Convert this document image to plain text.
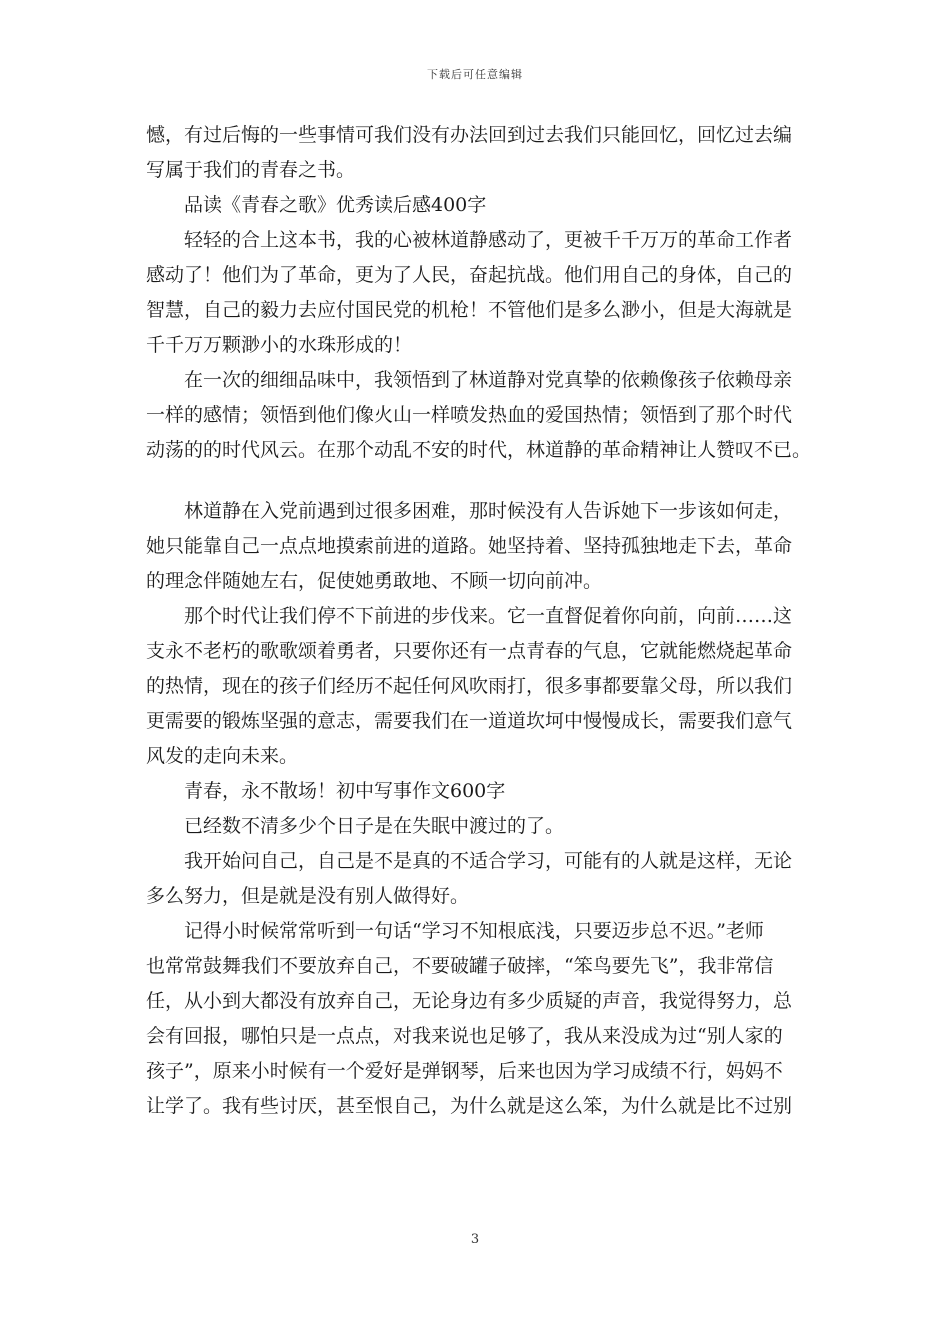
下载后可任意编辑
憾，有过后悔的一些事情可我们没有办法回到过去我们只能回忆，回忆过去编
写属于我们的青春之书。
品读《青春之歌》优秀读后感400字
轻轻的合上这本书，我的心被林道静感动了，更被千千万万的革命工作者
感动了！他们为了革命，更为了人民，奋起抗战。他们用自己的身体，自己的
智慧，自己的毅力去应付国民党的机枪！不管他们是多么渺小，但是大海就是
千千万万颗渺小的水珠形成的！
在一次的细细品味中，我领悟到了林道静对党真挚的依赖像孩子依赖母亲
一样的感情；领悟到他们像火山一样喷发热血的爱国热情；领悟到了那个时代
动荡的的时代风云。在那个动乱不安的时代，林道静的革命精神让人赞叹不已。
林道静在入党前遇到过很多困难，那时候没有人告诉她下一步该如何走，
她只能靠自己一点点地摸索前进的道路。她坚持着、坚持孤独地走下去，革命
的理念伴随她左右，促使她勇敢地、不顾一切向前冲。
那个时代让我们停不下前进的步伐来。它一直督促着你向前，向前……这
支永不老朽的歌歌颂着勇者，只要你还有一点青春的气息，它就能燃烧起革命
的热情，现在的孩子们经历不起任何风吹雨打，很多事都要靠父母，所以我们
更需要的锻炼坚强的意志，需要我们在一道道坎坷中慢慢成长，需要我们意气
风发的走向未来。
青春，永不散场！初中写事作文600字
已经数不清多少个日子是在失眠中渡过的了。
我开始问自己，自己是不是真的不适合学习，可能有的人就是这样，无论
多么努力，但是就是没有别人做得好。
记得小时候常常听到一句话“学习不知根底浅，只要迈步总不迟。”老师
也常常鼓舞我们不要放弃自己，不要破罐子破摔，“笨鸟要先飞”，我非常信
任，从小到大都没有放弃自己，无论身边有多少质疑的声音，我觉得努力，总
会有回报，哪怕只是一点点，对我来说也足够了，我从来没成为过“别人家的
孩子”，原来小时候有一个爱好是弹钢琴，后来也因为学习成绩不行，妈妈不
让学了。我有些讨厌，甚至恨自己，为什么就是这么笨，为什么就是比不过别
3
